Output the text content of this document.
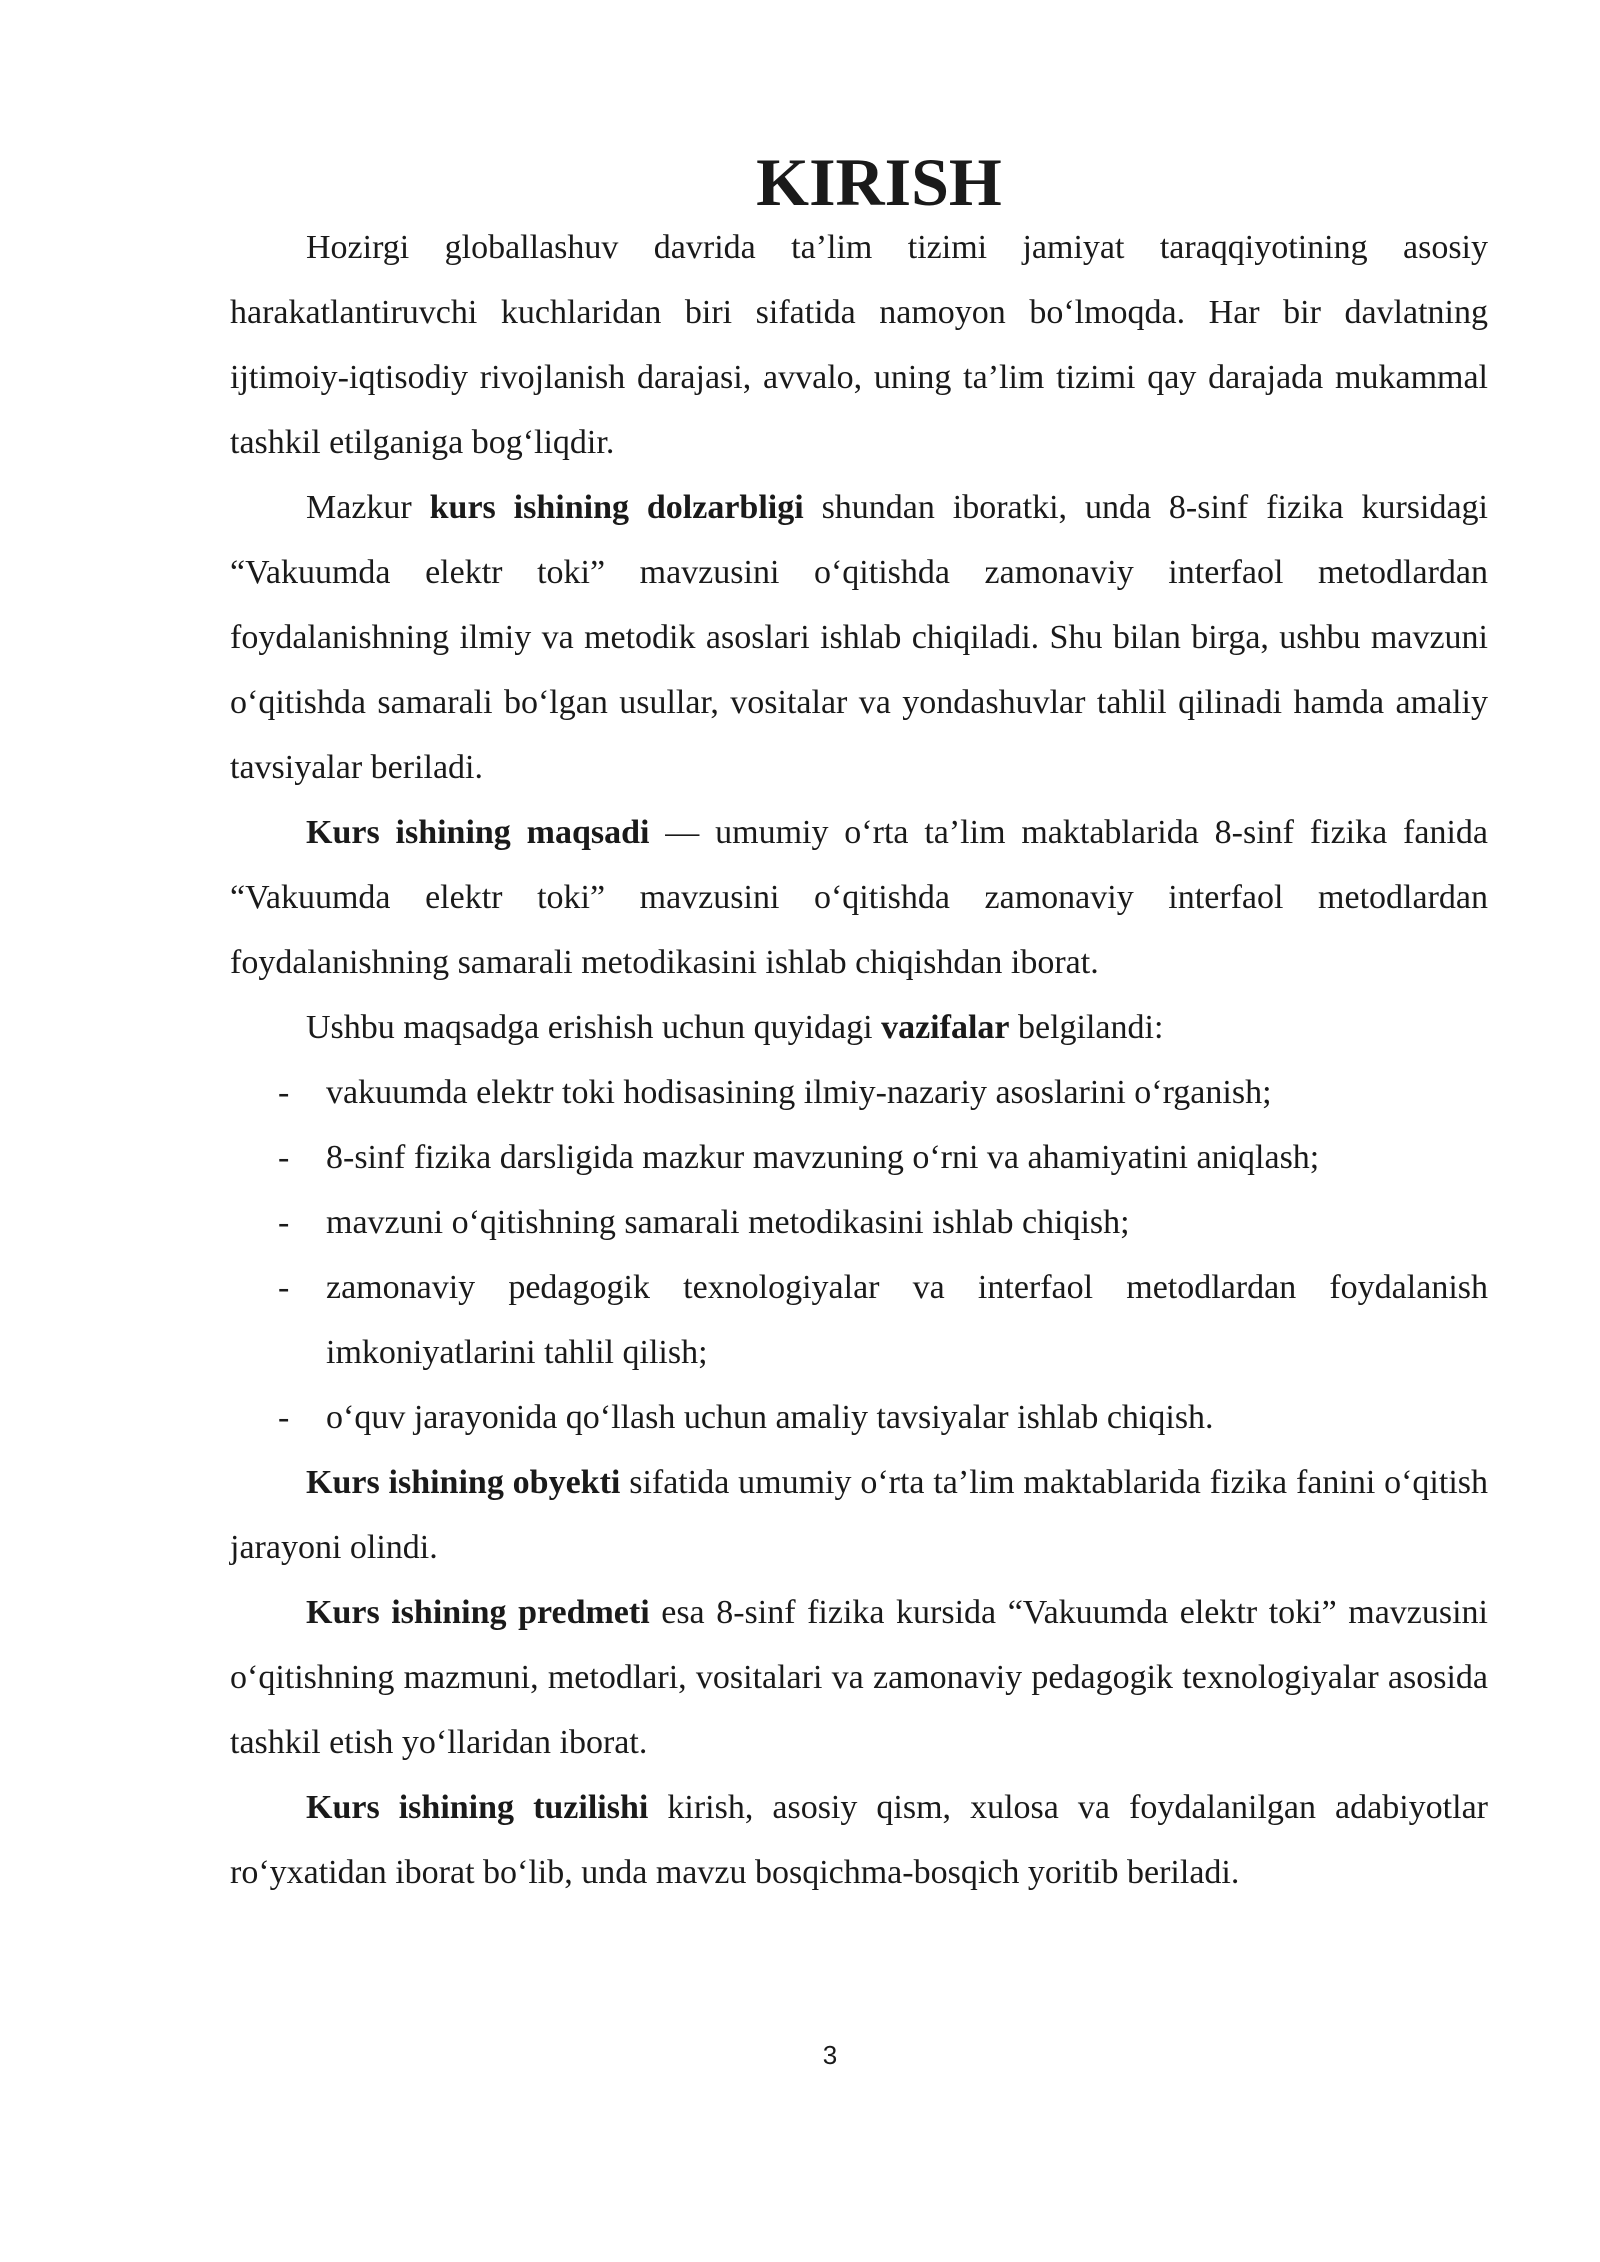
KIRISH

Hozirgi globallashuv davrida ta’lim tizimi jamiyat taraqqiyotining asosiy harakatlantiruvchi kuchlaridan biri sifatida namoyon bo‘lmoqda. Har bir davlatning ijtimoiy-iqtisodiy rivojlanish darajasi, avvalo, uning ta’lim tizimi qay darajada mukammal tashkil etilganiga bog‘liqdir.

Mazkur kurs ishining dolzarbligi shundan iboratki, unda 8-sinf fizika kursidagi “Vakuumda elektr toki” mavzusini o‘qitishda zamonaviy interfaol metodlardan foydalanishning ilmiy va metodik asoslari ishlab chiqiladi. Shu bilan birga, ushbu mavzuni o‘qitishda samarali bo‘lgan usullar, vositalar va yondashuvlar tahlil qilinadi hamda amaliy tavsiyalar beriladi.

Kurs ishining maqsadi — umumiy o‘rta ta’lim maktablarida 8-sinf fizika fanida “Vakuumda elektr toki” mavzusini o‘qitishda zamonaviy interfaol metodlardan foydalanishning samarali metodikasini ishlab chiqishdan iborat.

Ushbu maqsadga erishish uchun quyidagi vazifalar belgilandi:

- vakuumda elektr toki hodisasining ilmiy-nazariy asoslarini o‘rganish;
- 8-sinf fizika darsligida mazkur mavzuning o‘rni va ahamiyatini aniqlash;
- mavzuni o‘qitishning samarali metodikasini ishlab chiqish;
- zamonaviy pedagogik texnologiyalar va interfaol metodlardan foydalanish imkoniyatlarini tahlil qilish;
- o‘quv jarayonida qo‘llash uchun amaliy tavsiyalar ishlab chiqish.

Kurs ishining obyekti sifatida umumiy o‘rta ta’lim maktablarida fizika fanini o‘qitish jarayoni olindi.

Kurs ishining predmeti esa 8-sinf fizika kursida “Vakuumda elektr toki” mavzusini o‘qitishning mazmuni, metodlari, vositalari va zamonaviy pedagogik texnologiyalar asosida tashkil etish yo‘llaridan iborat.

Kurs ishining tuzilishi kirish, asosiy qism, xulosa va foydalanilgan adabiyotlar ro‘yxatidan iborat bo‘lib, unda mavzu bosqichma-bosqich yoritib beriladi.

3
